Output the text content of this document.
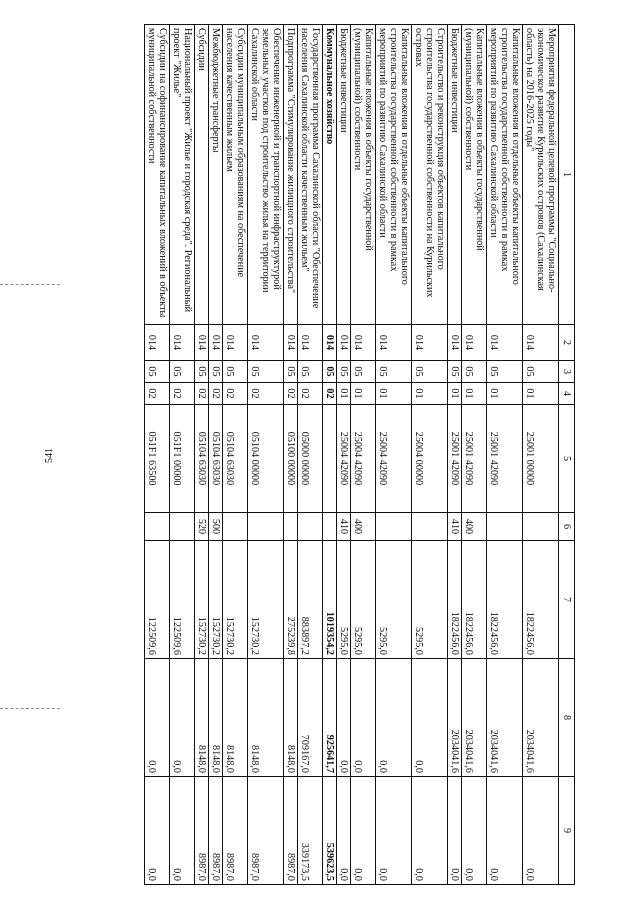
541
1	2	3	4	5	6	7	8	9
Мероприятия федеральной целевой программы "Социально-экономическое развитие Курильских островов (Сахалинская область) на 2016-2025 годы"	014	05	01	25001 00000		1822456,0	2034041,6	0,0
Капитальные вложения в отдельные объекты капитального строительства государственной собственности в рамках мероприятий по развитию Сахалинской области	014	05	01	25001 42090		1822456,0	2034041,6	0,0
Капитальные вложения в объекты государственной (муниципальной) собственности	014	05	01	25001 42090	400	1822456,0	2034041,6	0,0
Бюджетные инвестиции	014	05	01	25001 42090	410	1822456,0	2034041,6	0,0
Строительство и реконструкция объектов капитального строительства государственной собственности на Курильских островах	014	05	01	25004 00000		5295,0	0,0	0,0
Капитальные вложения в отдельные объекты капитального строительства государственной собственности в рамках мероприятий по развитию Сахалинской области	014	05	01	25004 42090		5295,0	0,0	0,0
Капитальные вложения в объекты государственной (муниципальной) собственности	014	05	01	25004 42090	400	5295,0	0,0	0,0
Бюджетные инвестиции	014	05	01	25004 42090	410	5295,0	0,0	0,0
Коммунальное хозяйство	014	05	02			1019354,2	925641,7	539623,5
Государственная программа Сахалинской области "Обеспечение населения Сахалинской области качественным жильем"	014	05	02	05000 00000		883897,2	709167,0	339173,5
Подпрограмма "Стимулирование жилищного строительства"	014	05	02	05100 00000		275239,8	8148,0	8987,0
Обеспечение инженерной и транспортной инфраструктурой земельных участков под строительство жилья на территории Сахалинской области	014	05	02	05104 00000		152730,2	8148,0	8987,0
Субсидии муниципальным образованиям на обеспечение населения качественным жильем	014	05	02	05104 63030		152730,2	8148,0	8987,0
Межбюджетные трансферты	014	05	02	05104 63030	500	152730,2	8148,0	8987,0
Субсидии	014	05	02	05104 63030	520	152730,2	8148,0	8987,0
Национальный проект "Жилье и городская среда". Региональный проект "Жилье"	014	05	02	051F1 00000		122509,6	0,0	0,0
Субсидии на софинансирование капитальных вложений в объекты муниципальной собственности	014	05	02	051F1 63500		122509,6	0,0	0,0
